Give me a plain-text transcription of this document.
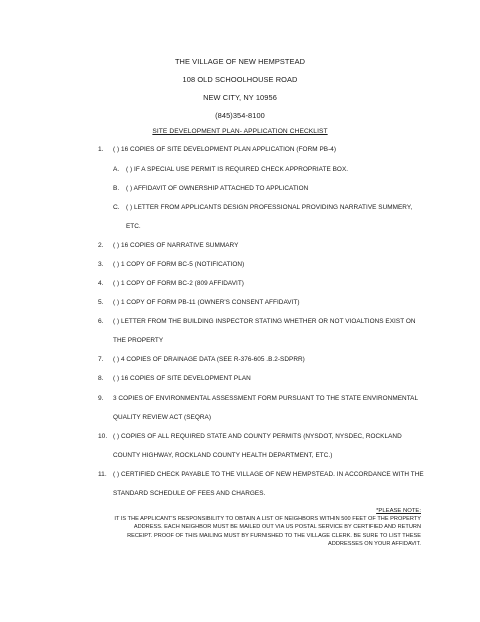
THE VILLAGE OF NEW HEMPSTEAD
108 OLD SCHOOLHOUSE ROAD
NEW CITY, NY 10956
(845)354-8100
SITE DEVELOPMENT PLAN- APPLICATION CHECKLIST
1. ( ) 16 COPIES OF SITE DEVELOPMENT PLAN APPLICATION (FORM PB-4)
A. ( ) IF A SPECIAL USE PERMIT IS REQUIRED CHECK APPROPRIATE BOX.
B. ( ) AFFIDAVIT OF OWNERSHIP ATTACHED TO APPLICATION
C. ( ) LETTER FROM APPLICANTS DESIGN PROFESSIONAL PROVIDING NARRATIVE SUMMERY,
ETC.
2. ( ) 16 COPIES OF NARRATIVE SUMMARY
3. ( ) 1 COPY OF FORM BC-5 (NOTIFICATION)
4. ( ) 1 COPY OF FORM BC-2 (809 AFFIDAVIT)
5. ( ) 1 COPY OF FORM PB-11 (OWNER'S CONSENT AFFIDAVIT)
6. ( ) LETTER FROM THE BUILDING INSPECTOR STATING WHETHER OR NOT VIOALTIONS EXIST ON
THE PROPERTY
7. ( ) 4 COPIES OF DRAINAGE DATA (SEE R-376-605 .B.2-SDPRR)
8. ( ) 16 COPIES OF SITE DEVELOPMENT PLAN
9. 3 COPIES OF ENVIRONMENTAL ASSESSMENT FORM PURSUANT TO THE STATE ENVIRONMENTAL
QUALITY REVIEW ACT (SEQRA)
10. ( ) COPIES OF ALL REQUIRED STATE AND COUNTY PERMITS (NYSDOT, NYSDEC, ROCKLAND
COUNTY HIGHWAY, ROCKLAND COUNTY HEALTH DEPARTMENT, ETC.)
11. ( ) CERTIFIED CHECK PAYABLE TO THE VILLAGE OF NEW HEMPSTEAD. IN ACCORDANCE WITH THE
STANDARD SCHEDULE OF FEES AND CHARGES.
*PLEASE NOTE:
IT IS THE APPLICANT'S RESPONSIBILITY TO OBTAIN A LIST OF NEIGHBORS WITHIN 500 FEET OF THE PROPERTY
ADDRESS. EACH NEIGHBOR MUST BE MAILED OUT VIA US POSTAL SERVICE BY CERTIFIED AND RETURN
RECEIPT. PROOF OF THIS MAILING MUST BY FURNISHED TO THE VILLAGE CLERK. BE SURE TO LIST THESE
ADDRESSES ON YOUR AFFIDAVIT.
